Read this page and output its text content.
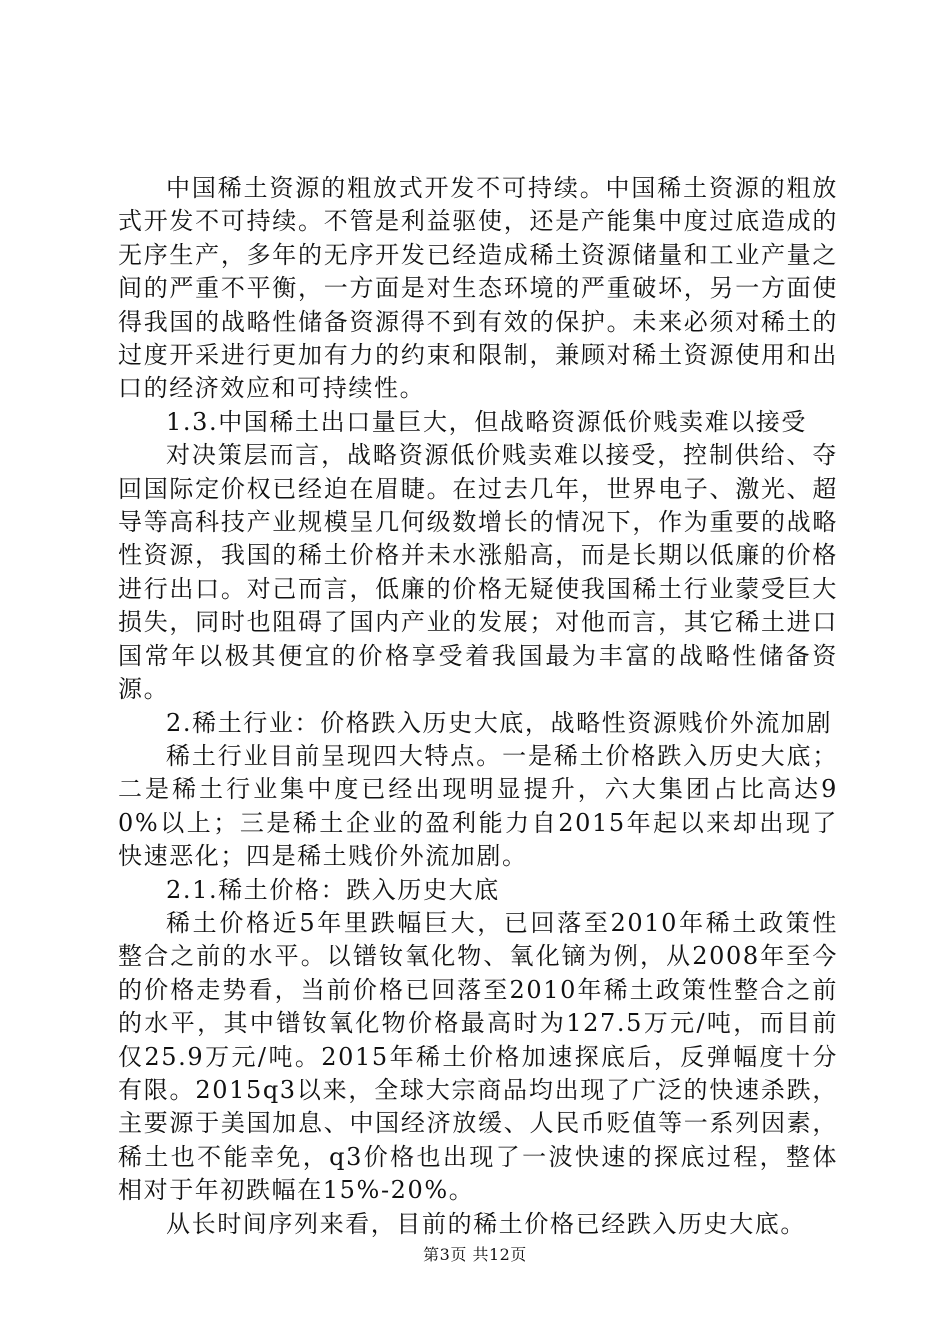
中国稀土资源的粗放式开发不可持续。中国稀土资源的粗放式开发不可持续。不管是利益驱使，还是产能集中度过底造成的无序生产，多年的无序开发已经造成稀土资源储量和工业产量之间的严重不平衡，一方面是对生态环境的严重破坏，另一方面使得我国的战略性储备资源得不到有效的保护。未来必须对稀土的过度开采进行更加有力的约束和限制，兼顾对稀土资源使用和出口的经济效应和可持续性。

1.3.中国稀土出口量巨大，但战略资源低价贱卖难以接受

对决策层而言，战略资源低价贱卖难以接受，控制供给、夺回国际定价权已经迫在眉睫。在过去几年，世界电子、激光、超导等高科技产业规模呈几何级数增长的情况下，作为重要的战略性资源，我国的稀土价格并未水涨船高，而是长期以低廉的价格进行出口。对己而言，低廉的价格无疑使我国稀土行业蒙受巨大损失，同时也阻碍了国内产业的发展；对他而言，其它稀土进口国常年以极其便宜的价格享受着我国最为丰富的战略性储备资源。

2.稀土行业：价格跌入历史大底，战略性资源贱价外流加剧

稀土行业目前呈现四大特点。一是稀土价格跌入历史大底；二是稀土行业集中度已经出现明显提升，六大集团占比高达90%以上；三是稀土企业的盈利能力自2015年起以来却出现了快速恶化；四是稀土贱价外流加剧。

2.1.稀土价格：跌入历史大底

稀土价格近5年里跌幅巨大，已回落至2010年稀土政策性整合之前的水平。以镨钕氧化物、氧化镝为例，从2008年至今的价格走势看，当前价格已回落至2010年稀土政策性整合之前的水平，其中镨钕氧化物价格最高时为127.5万元/吨，而目前仅25.9万元/吨。2015年稀土价格加速探底后，反弹幅度十分有限。2015q3以来，全球大宗商品均出现了广泛的快速杀跌，主要源于美国加息、中国经济放缓、人民币贬值等一系列因素，稀土也不能幸免，q3价格也出现了一波快速的探底过程，整体相对于年初跌幅在15%-20%。

从长时间序列来看，目前的稀土价格已经跌入历史大底。

第3页 共12页
